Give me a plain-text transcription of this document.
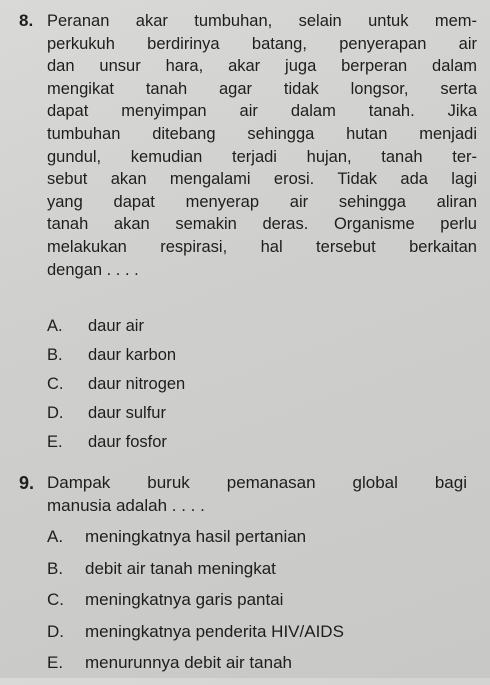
8. Peranan akar tumbuhan, selain untuk mem-
perkukuh berdirinya batang, penyerapan air
dan unsur hara, akar juga berperan dalam
mengikat tanah agar tidak longsor, serta
dapat menyimpan air dalam tanah. Jika
tumbuhan ditebang sehingga hutan menjadi
gundul, kemudian terjadi hujan, tanah ter-
sebut akan mengalami erosi. Tidak ada lagi
yang dapat menyerap air sehingga aliran
tanah akan semakin deras. Organisme perlu
melakukan respirasi, hal tersebut berkaitan
dengan . . . .
A. daur air
B. daur karbon
C. daur nitrogen
D. daur sulfur
E. daur fosfor
9. Dampak buruk pemanasan global bagi
manusia adalah . . . .
A. meningkatnya hasil pertanian
B. debit air tanah meningkat
C. meningkatnya garis pantai
D. meningkatnya penderita HIV/AIDS
E. menurunnya debit air tanah
